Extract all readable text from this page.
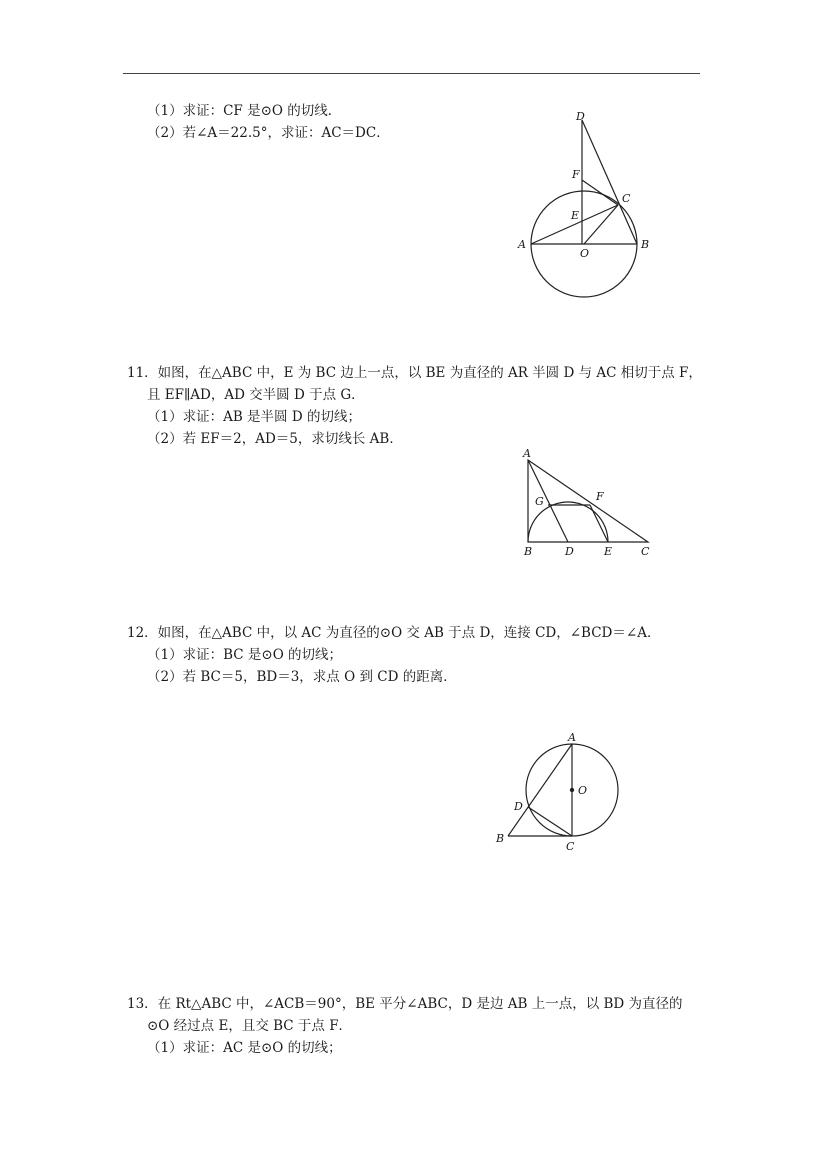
（1）求证：CF 是⊙O 的切线．
（2）若∠A＝22.5°，求证：AC＝DC．
D
F
C
E
A	B
O
11．如图，在△ABC 中，E 为 BC 边上一点，以 BE 为直径的 AR 半圆 D 与 AC 相切于点 F，
且 EF∥AD，AD 交半圆 D 于点 G．
（1）求证：AB 是半圆 D 的切线；
（2）若 EF＝2，AD＝5，求切线长 AB．
A
G	F
B	D	E	C
12．如图，在△ABC 中，以 AC 为直径的⊙O 交 AB 于点 D，连接 CD，∠BCD＝∠A．
（1）求证：BC 是⊙O 的切线；
（2）若 BC＝5，BD＝3，求点 O 到 CD 的距离．
A
O
D
B
C
13．在 Rt△ABC 中，∠ACB＝90°，BE 平分∠ABC，D 是边 AB 上一点，以 BD 为直径的
⊙O 经过点 E，且交 BC 于点 F．
（1）求证：AC 是⊙O 的切线；
